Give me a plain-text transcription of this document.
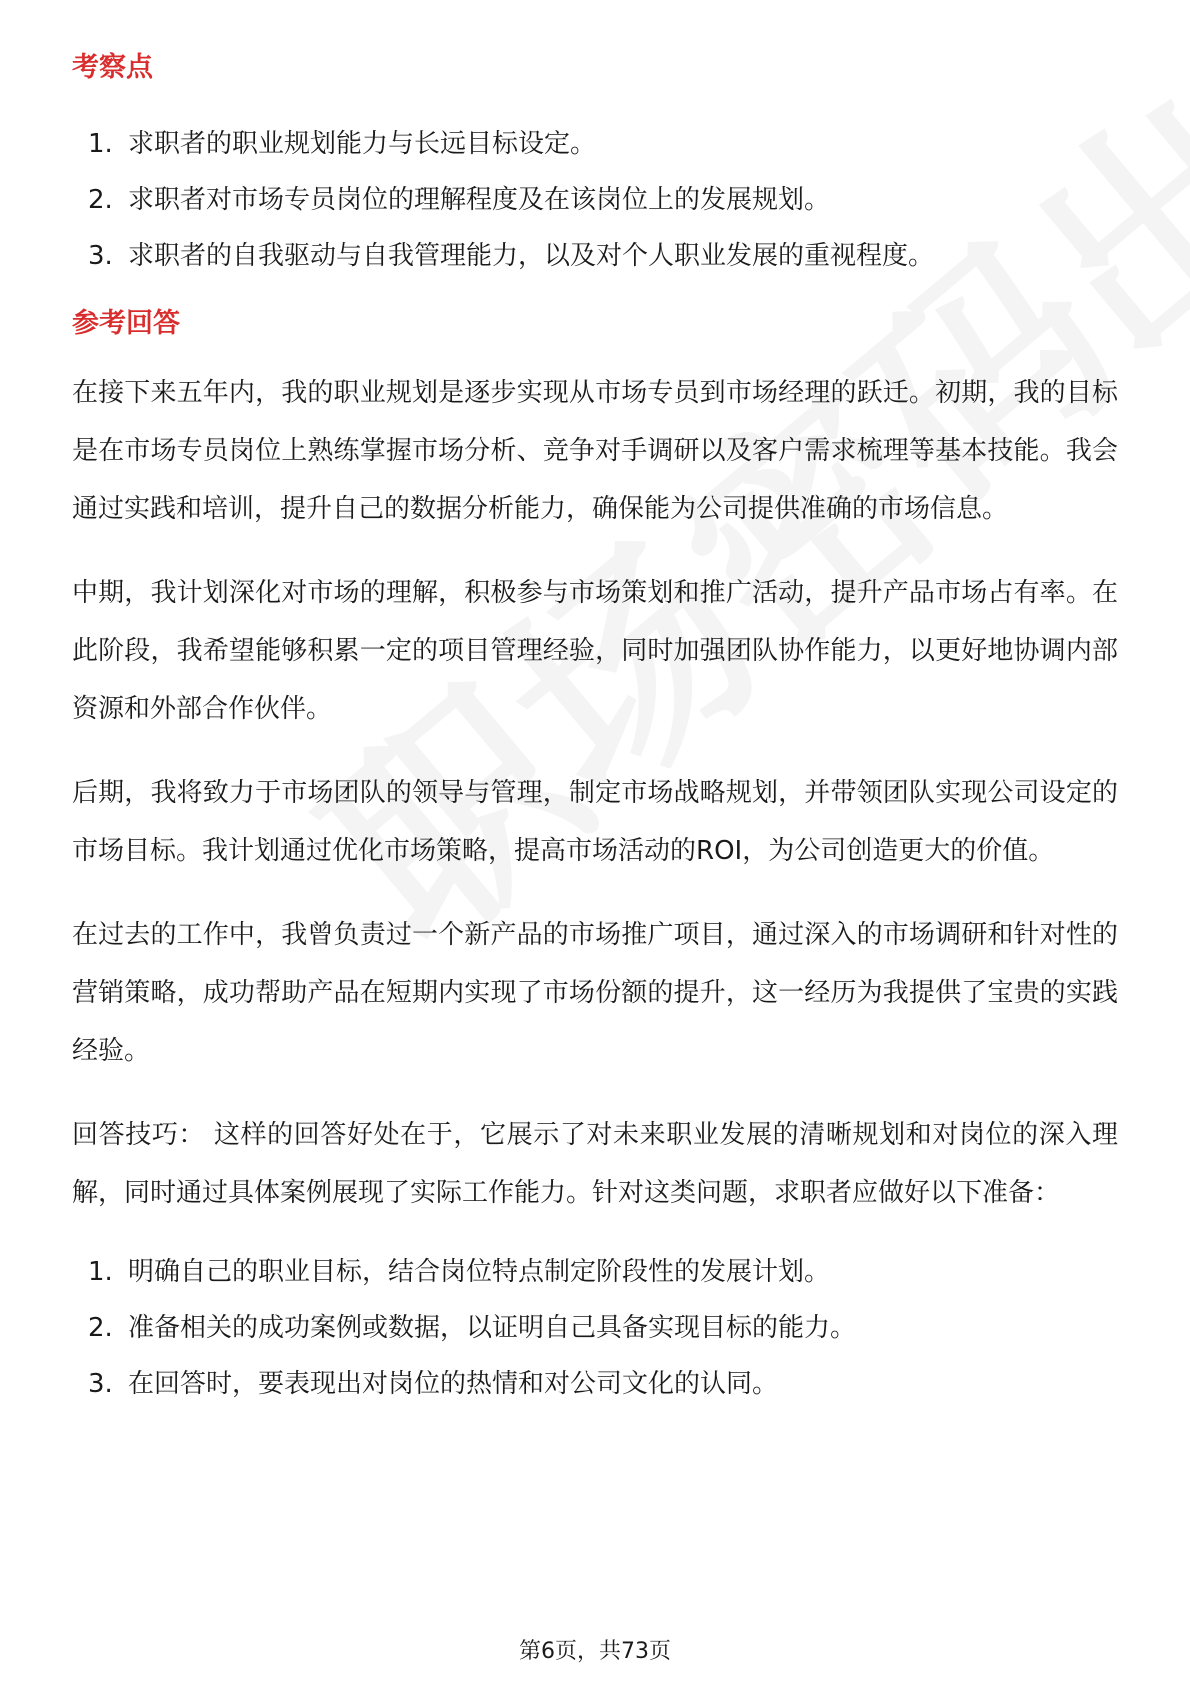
考察点
1. 求职者的职业规划能力与长远目标设定。
2. 求职者对市场专员岗位的理解程度及在该岗位上的发展规划。
3. 求职者的自我驱动与自我管理能力，以及对个人职业发展的重视程度。
参考回答

在接下来五年内，我的职业规划是逐步实现从市场专员到市场经理的跃迁。初期，我的目标是在市场专员岗位上熟练掌握市场分析、竞争对手调研以及客户需求梳理等基本技能。我会通过实践和培训，提升自己的数据分析能力，确保能为公司提供准确的市场信息。

中期，我计划深化对市场的理解，积极参与市场策划和推广活动，提升产品市场占有率。在此阶段，我希望能够积累一定的项目管理经验，同时加强团队协作能力，以更好地协调内部资源和外部合作伙伴。

后期，我将致力于市场团队的领导与管理，制定市场战略规划，并带领团队实现公司设定的市场目标。我计划通过优化市场策略，提高市场活动的ROI，为公司创造更大的价值。

在过去的工作中，我曾负责过一个新产品的市场推广项目，通过深入的市场调研和针对性的营销策略，成功帮助产品在短期内实现了市场份额的提升，这一经历为我提供了宝贵的实践经验。

回答技巧： 这样的回答好处在于，它展示了对未来职业发展的清晰规划和对岗位的深入理解，同时通过具体案例展现了实际工作能力。针对这类问题，求职者应做好以下准备：

1. 明确自己的职业目标，结合岗位特点制定阶段性的发展计划。
2. 准备相关的成功案例或数据，以证明自己具备实现目标的能力。
3. 在回答时，要表现出对岗位的热情和对公司文化的认同。
第6页，共73页
